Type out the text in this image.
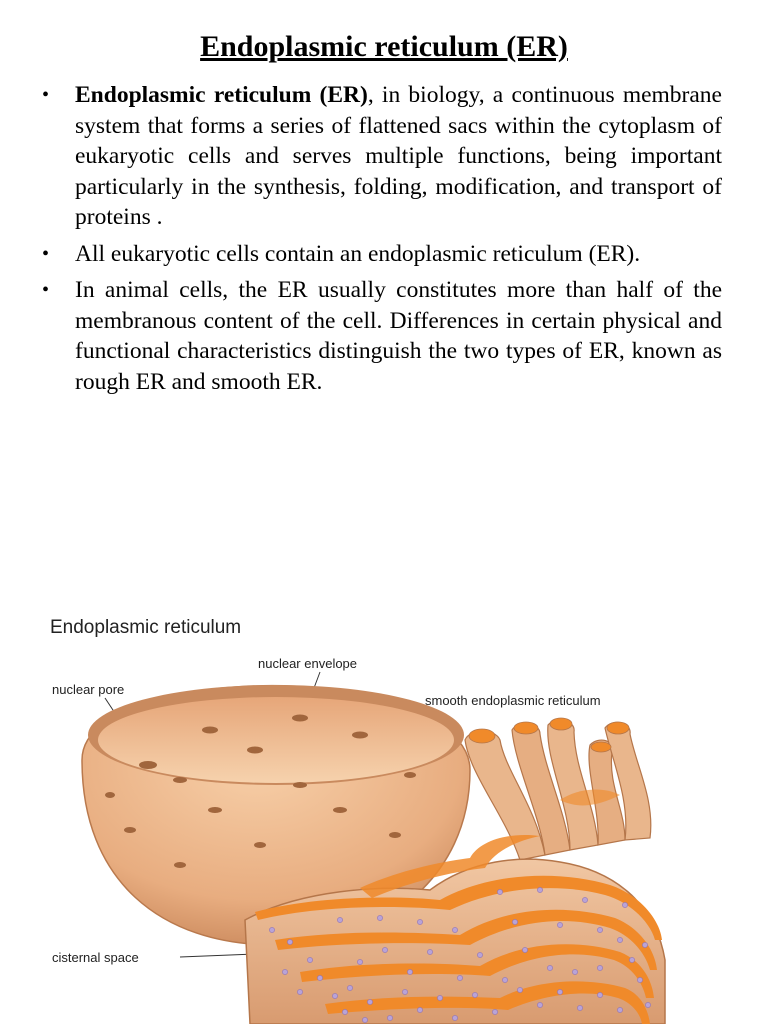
Endoplasmic reticulum (ER)
• Endoplasmic reticulum (ER), in biology, a continuous membrane system that forms a series of flattened sacs within the cytoplasm of eukaryotic cells and serves multiple functions, being important particularly in the synthesis, folding, modification, and transport of proteins .
• All eukaryotic cells contain an endoplasmic reticulum (ER).
• In animal cells, the ER usually constitutes more than half of the membranous content of the cell. Differences in certain physical and functional characteristics distinguish the two types of ER, known as rough ER and smooth ER.
Endoplasmic reticulum
nuclear envelope
nuclear pore
smooth endoplasmic reticulum
cisternal space
